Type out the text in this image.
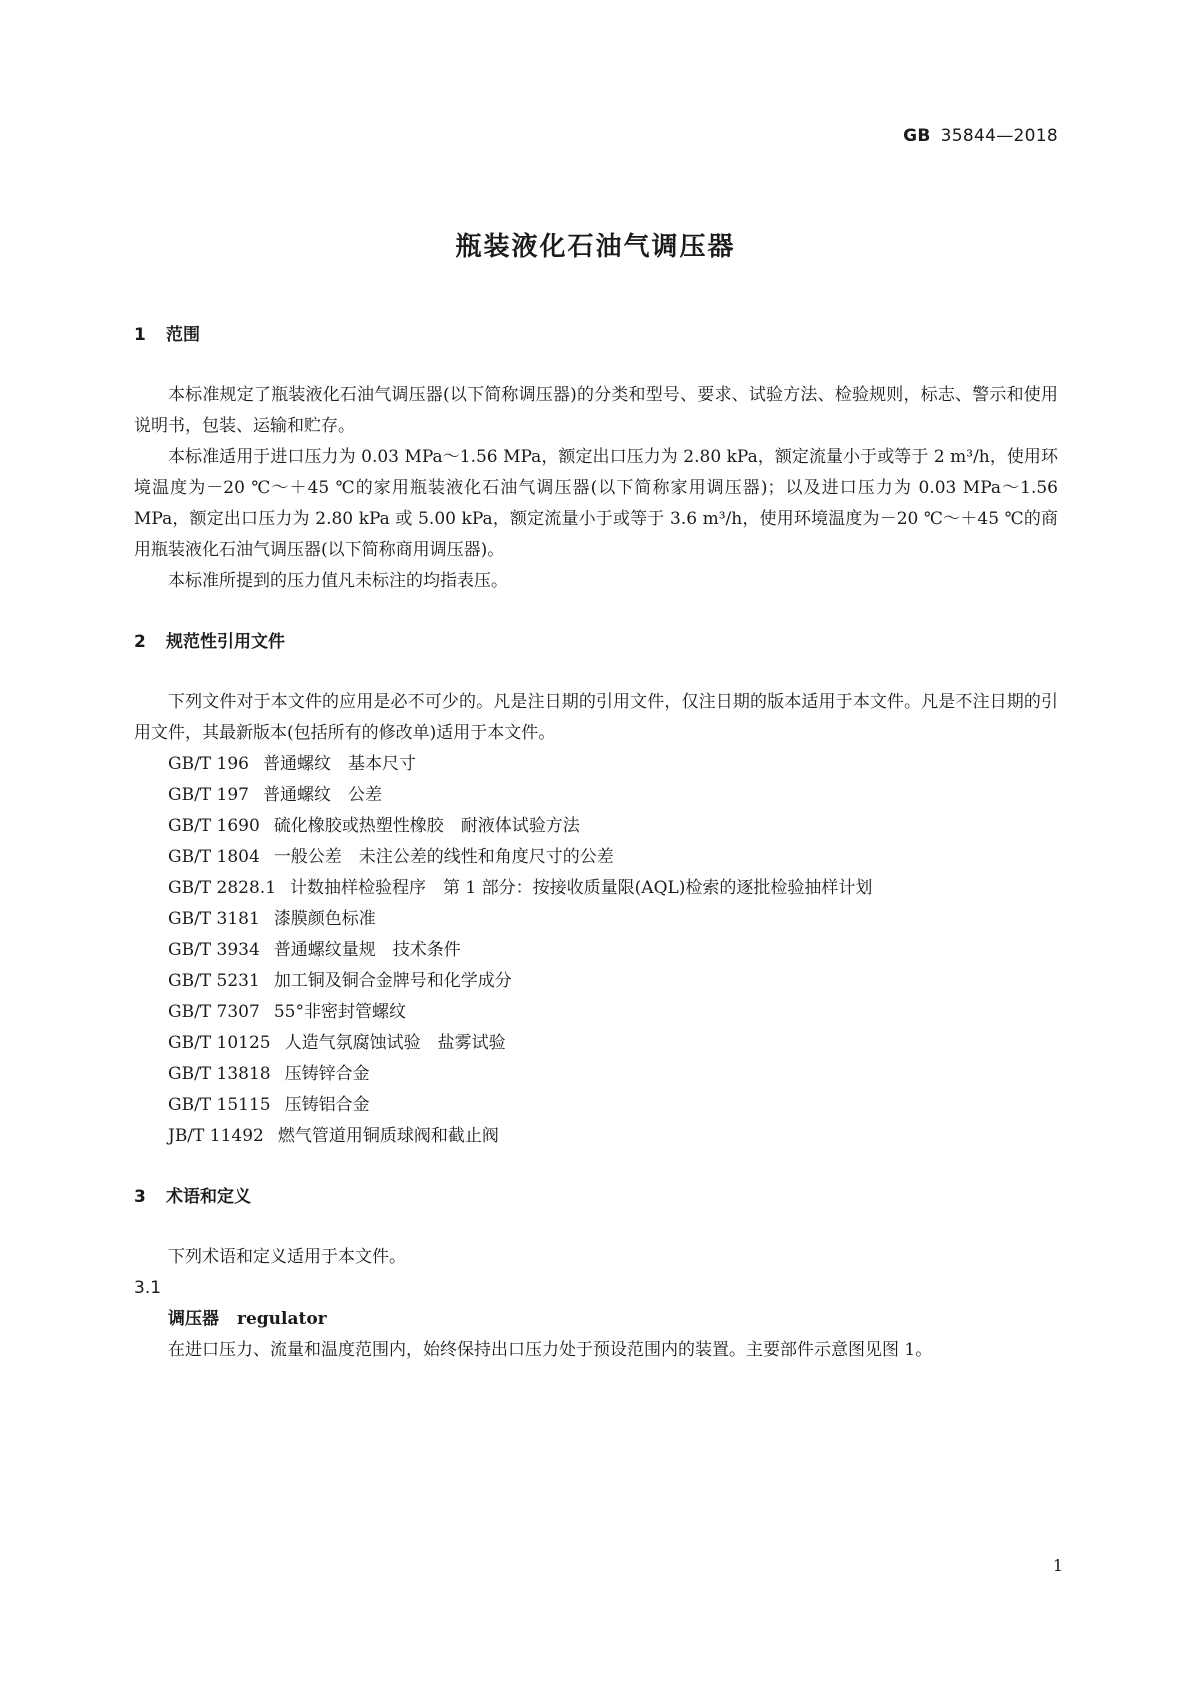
GB 35844—2018
瓶装液化石油气调压器
1	范围

本标准规定了瓶装液化石油气调压器(以下简称调压器)的分类和型号、要求、试验方法、检验规则，标志、警示和使用说明书，包装、运输和贮存。

本标准适用于进口压力为 0.03 MPa～1.56 MPa，额定出口压力为 2.80 kPa，额定流量小于或等于 2 m³/h，使用环境温度为－20 ℃～＋45 ℃的家用瓶装液化石油气调压器(以下简称家用调压器)；以及进口压力为 0.03 MPa～1.56 MPa，额定出口压力为 2.80 kPa 或 5.00 kPa，额定流量小于或等于 3.6 m³/h，使用环境温度为－20 ℃～＋45 ℃的商用瓶装液化石油气调压器(以下简称商用调压器)。

本标准所提到的压力值凡未标注的均指表压。

2	规范性引用文件

下列文件对于本文件的应用是必不可少的。凡是注日期的引用文件，仅注日期的版本适用于本文件。凡是不注日期的引用文件，其最新版本(包括所有的修改单)适用于本文件。

GB/T 196 普通螺纹　基本尺寸
GB/T 197 普通螺纹　公差
GB/T 1690 硫化橡胶或热塑性橡胶　耐液体试验方法
GB/T 1804 一般公差　未注公差的线性和角度尺寸的公差
GB/T 2828.1 计数抽样检验程序　第 1 部分：按接收质量限(AQL)检索的逐批检验抽样计划
GB/T 3181 漆膜颜色标准
GB/T 3934 普通螺纹量规　技术条件
GB/T 5231 加工铜及铜合金牌号和化学成分
GB/T 7307 55°非密封管螺纹
GB/T 10125 人造气氛腐蚀试验　盐雾试验
GB/T 13818 压铸锌合金
GB/T 15115 压铸铝合金
JB/T 11492 燃气管道用铜质球阀和截止阀
3	术语和定义

下列术语和定义适用于本文件。

3.1
调压器 regulator

在进口压力、流量和温度范围内，始终保持出口压力处于预设范围内的装置。主要部件示意图见图 1。

1
